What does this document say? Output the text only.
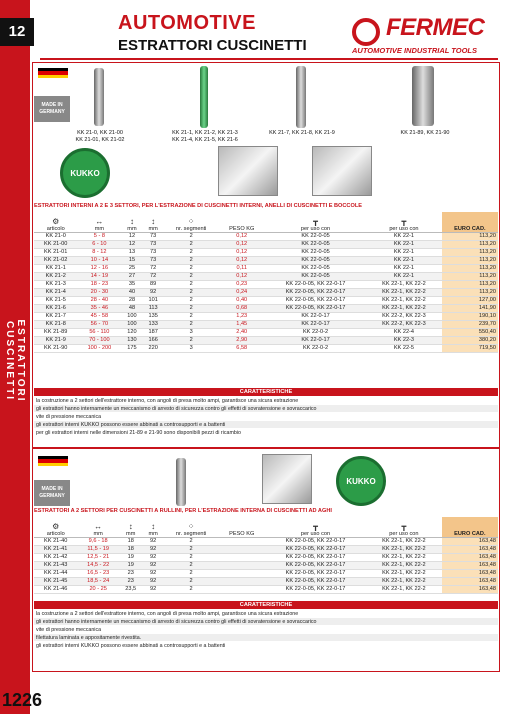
12
ESTRATTORI CUSCINETTI
AUTOMOTIVE
ESTRATTORI CUSCINETTI
FERMEC
AUTOMOTIVE INDUSTRIAL TOOLS
MADE IN GERMANY
KK 21-0, KK 21-00
KK 21-01, KK 21-02
KK 21-1, KK 21-2, KK 21-3
KK 21-4, KK 21-5, KK 21-6
KK 21-7, KK 21-8, KK 21-9	KK 21-89, KK 21-90
KUKKO
ESTRATTORI INTERNI A 2 E 3 SETTORI, PER L'ESTRAZIONE DI CUSCINETTI INTERNI, ANELLI DI CUSCINETTI E BOCCOLE
⚙
articolo	↔
mm	↕
mm	↕
mm	⁘
nr. segmenti	PESO KG	┳
per uso con	┳
per uso con	EURO CAD.
KK 21-0	5 - 8	12	73	2	0,12	KK 22-0-05	KK 22-1	113,20
KK 21-00	6 - 10	12	73	2	0,12	KK 22-0-05	KK 22-1	113,20
KK 21-01	8 - 12	13	73	2	0,12	KK 22-0-05	KK 22-1	113,20
KK 21-02	10 - 14	15	73	2	0,12	KK 22-0-05	KK 22-1	113,20
KK 21-1	12 - 16	25	72	2	0,11	KK 22-0-05	KK 22-1	113,20
KK 21-2	14 - 19	27	72	2	0,12	KK 22-0-05	KK 22-1	113,20
KK 21-3	18 - 23	35	89	2	0,23	KK 22-0-05, KK 22-0-17	KK 22-1, KK 22-2	113,20
KK 21-4	20 - 30	40	92	2	0,24	KK 22-0-05, KK 22-0-17	KK 22-1, KK 22-2	113,20
KK 21-5	28 - 40	28	101	2	0,40	KK 22-0-05, KK 22-0-17	KK 22-1, KK 22-2	127,00
KK 21-6	35 - 46	48	113	2	0,68	KK 22-0-05, KK 22-0-17	KK 22-1, KK 22-2	141,90
KK 21-7	45 - 58	100	135	2	1,23	KK 22-0-17	KK 22-2, KK 22-3	190,10
KK 21-8	56 - 70	100	133	2	1,45	KK 22-0-17	KK 22-2, KK 22-3	239,70
KK 21-89	56 - 110	120	187	3	2,40	KK 22-0-2	KK 22-4	550,40
KK 21-9	70 - 100	130	166	2	2,90	KK 22-0-17	KK 22-3	380,20
KK 21-90	100 - 200	175	220	3	6,58	KK 22-0-2	KK 22-5	719,50
CARATTERISTICHE
la costruzione a 2 settori dell'estrattore interno, con angoli di presa molto ampi, garantisce una sicura estrazione
gli estrattori hanno internamente un meccanismo di arresto di sicurezza contro gli effetti di sovratensione e sovraccarico
vite di pressione meccanica
gli estrattori interni KUKKO possono essere abbinati a controsupporti e a battenti
per gli estrattori interni nelle dimensioni 21-89 e 21-90 sono disponibili pezzi di ricambio
MADE IN GERMANY
KUKKO
ESTRATTORI A 2 SETTORI PER CUSCINETTI A RULLINI, PER L'ESTRAZIONE INTERNA DI CUSCINETTI AD AGHI
⚙
articolo	↔
mm	↕
mm	↕
mm	⁘
nr. segmenti	PESO KG	┳
per uso con	┳
per uso con	EURO CAD.
KK 21-40	9,6 - 18	18	92	2		KK 22-0-05, KK 22-0-17	KK 22-1, KK 22-2	163,48
KK 21-41	11,5 - 19	18	92	2		KK 22-0-05, KK 22-0-17	KK 22-1, KK 22-2	163,48
KK 21-42	12,5 - 21	19	92	2		KK 22-0-05, KK 22-0-17	KK 22-1, KK 22-2	163,48
KK 21-43	14,5 - 22	19	92	2		KK 22-0-05, KK 22-0-17	KK 22-1, KK 22-2	163,48
KK 21-44	16,5 - 23	23	92	2		KK 22-0-05, KK 22-0-17	KK 22-1, KK 22-2	163,48
KK 21-45	18,5 - 24	23	92	2		KK 22-0-05, KK 22-0-17	KK 22-1, KK 22-2	163,48
KK 21-46	20 - 25	23,5	92	2		KK 22-0-05, KK 22-0-17	KK 22-1, KK 22-2	163,48
CARATTERISTICHE
la costruzione a 2 settori dell'estrattore interno, con angoli di presa molto ampi, garantisce una sicura estrazione
gli estrattori hanno internamente un meccanismo di arresto di sicurezza contro gli effetti di sovratensione e sovraccarico
vite di pressione meccanica
filettatura laminata e appositamente rivestita.
gli estrattori interni KUKKO possono essere abbinati a controsupporti e a battenti
1226
